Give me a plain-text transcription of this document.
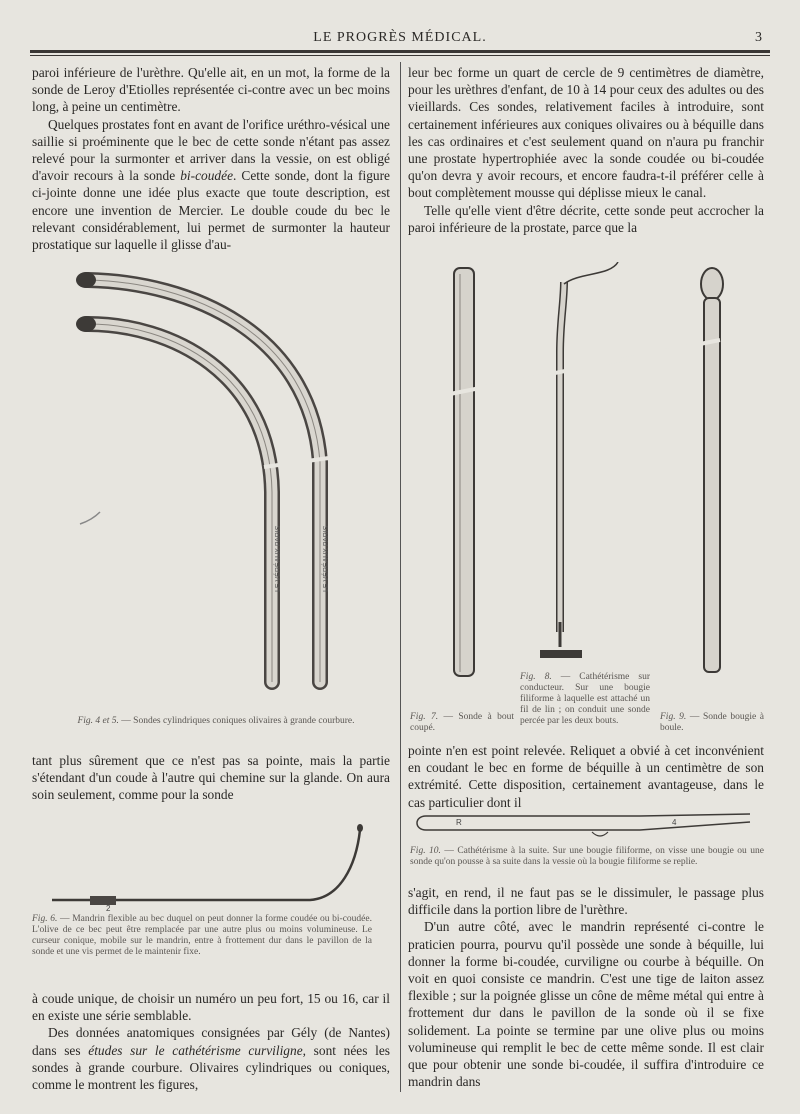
LE PROGRÈS MÉDICAL.	3

paroi inférieure de l'urèthre. Qu'elle ait, en un mot, la forme de la sonde de Leroy d'Etiolles représentée ci-contre avec un bec moins long, à peine un centimètre.

Quelques prostates font en avant de l'orifice uréthro-vésical une saillie si proéminente que le bec de cette sonde n'étant pas assez relevé pour la surmonter et arriver dans la vessie, on est obligé d'avoir recours à la sonde bi-coudée. Cette sonde, dont la figure ci-jointe donne une idée plus exacte que toute description, est encore une invention de Mercier. Le double coude du bec le relevant considérablement, lui permet de surmonter la hauteur prostatique sur laquelle il glisse d'au-

LE VÉRÉAUX PARIS	LE VÉRÉAUX PARIS
Fig. 4 et 5. — Sondes cylindriques coniques olivaires à grande courbure.

tant plus sûrement que ce n'est pas sa pointe, mais la partie s'étendant d'un coude à l'autre qui chemine sur la glande. On aura soin seulement, comme pour la sonde

2
Fig. 6. — Mandrin flexible au bec duquel on peut donner la forme coudée ou bi-coudée. L'olive de ce bec peut être remplacée par une autre plus ou moins volumineuse. Le curseur conique, mobile sur le mandrin, entre à frottement dur dans le pavillon de la sonde et une vis permet de le maintenir fixe.

à coude unique, de choisir un numéro un peu fort, 15 ou 16, car il en existe une série semblable.

Des données anatomiques consignées par Gély (de Nantes) dans ses études sur le cathétérisme curviligne, sont nées les sondes à grande courbure. Olivaires cylindriques ou coniques, comme le montrent les figures,

leur bec forme un quart de cercle de 9 centimètres de diamètre, pour les urèthres d'enfant, de 10 à 14 pour ceux des adultes ou des vieillards. Ces sondes, relativement faciles à introduire, sont certainement inférieures aux coniques olivaires ou à béquille dans les cas ordinaires et c'est seulement quand on n'aura pu franchir une prostate hypertrophiée avec la sonde coudée ou bi-coudée qu'on devra y avoir recours, et encore faudra-t-il préférer celle à bout complètement mousse qui déplisse mieux le canal.

Telle qu'elle vient d'être décrite, cette sonde peut accrocher la paroi inférieure de la prostate, parce que la

Fig. 7. — Sonde à bout coupé.
Fig. 8. — Cathétérisme sur conducteur. Sur une bougie filiforme à laquelle est attaché un fil de lin ; on conduit une sonde percée par les deux bouts.	Fig. 9. — Sonde bougie à boule.

pointe n'en est point relevée. Reliquet a obvié à cet inconvénient en coudant le bec en forme de béquille à un centimètre de son extrémité. Cette disposition, certainement avantageuse, dans le cas particulier dont il

R	4
Fig. 10. — Cathétérisme à la suite. Sur une bougie filiforme, on visse une bougie ou une sonde qu'on pousse à sa suite dans la vessie où la bougie filiforme se replie.

s'agit, en rend, il ne faut pas se le dissimuler, le passage plus difficile dans la portion libre de l'urèthre.

D'un autre côté, avec le mandrin représenté ci-contre le praticien pourra, pourvu qu'il possède une sonde à béquille, lui donner la forme bi-coudée, curviligne ou courbe à béquille. On voit en quoi consiste ce mandrin. C'est une tige de laiton assez flexible ; sur la poignée glisse un cône de même métal qui entre à frottement dur dans le pavillon de la sonde où il se fixe solidement. La pointe se termine par une olive plus ou moins volumineuse qui remplit le bec de cette même sonde. Il est clair que pour obtenir une sonde bi-coudée, il suffira d'introduire ce mandrin dans
